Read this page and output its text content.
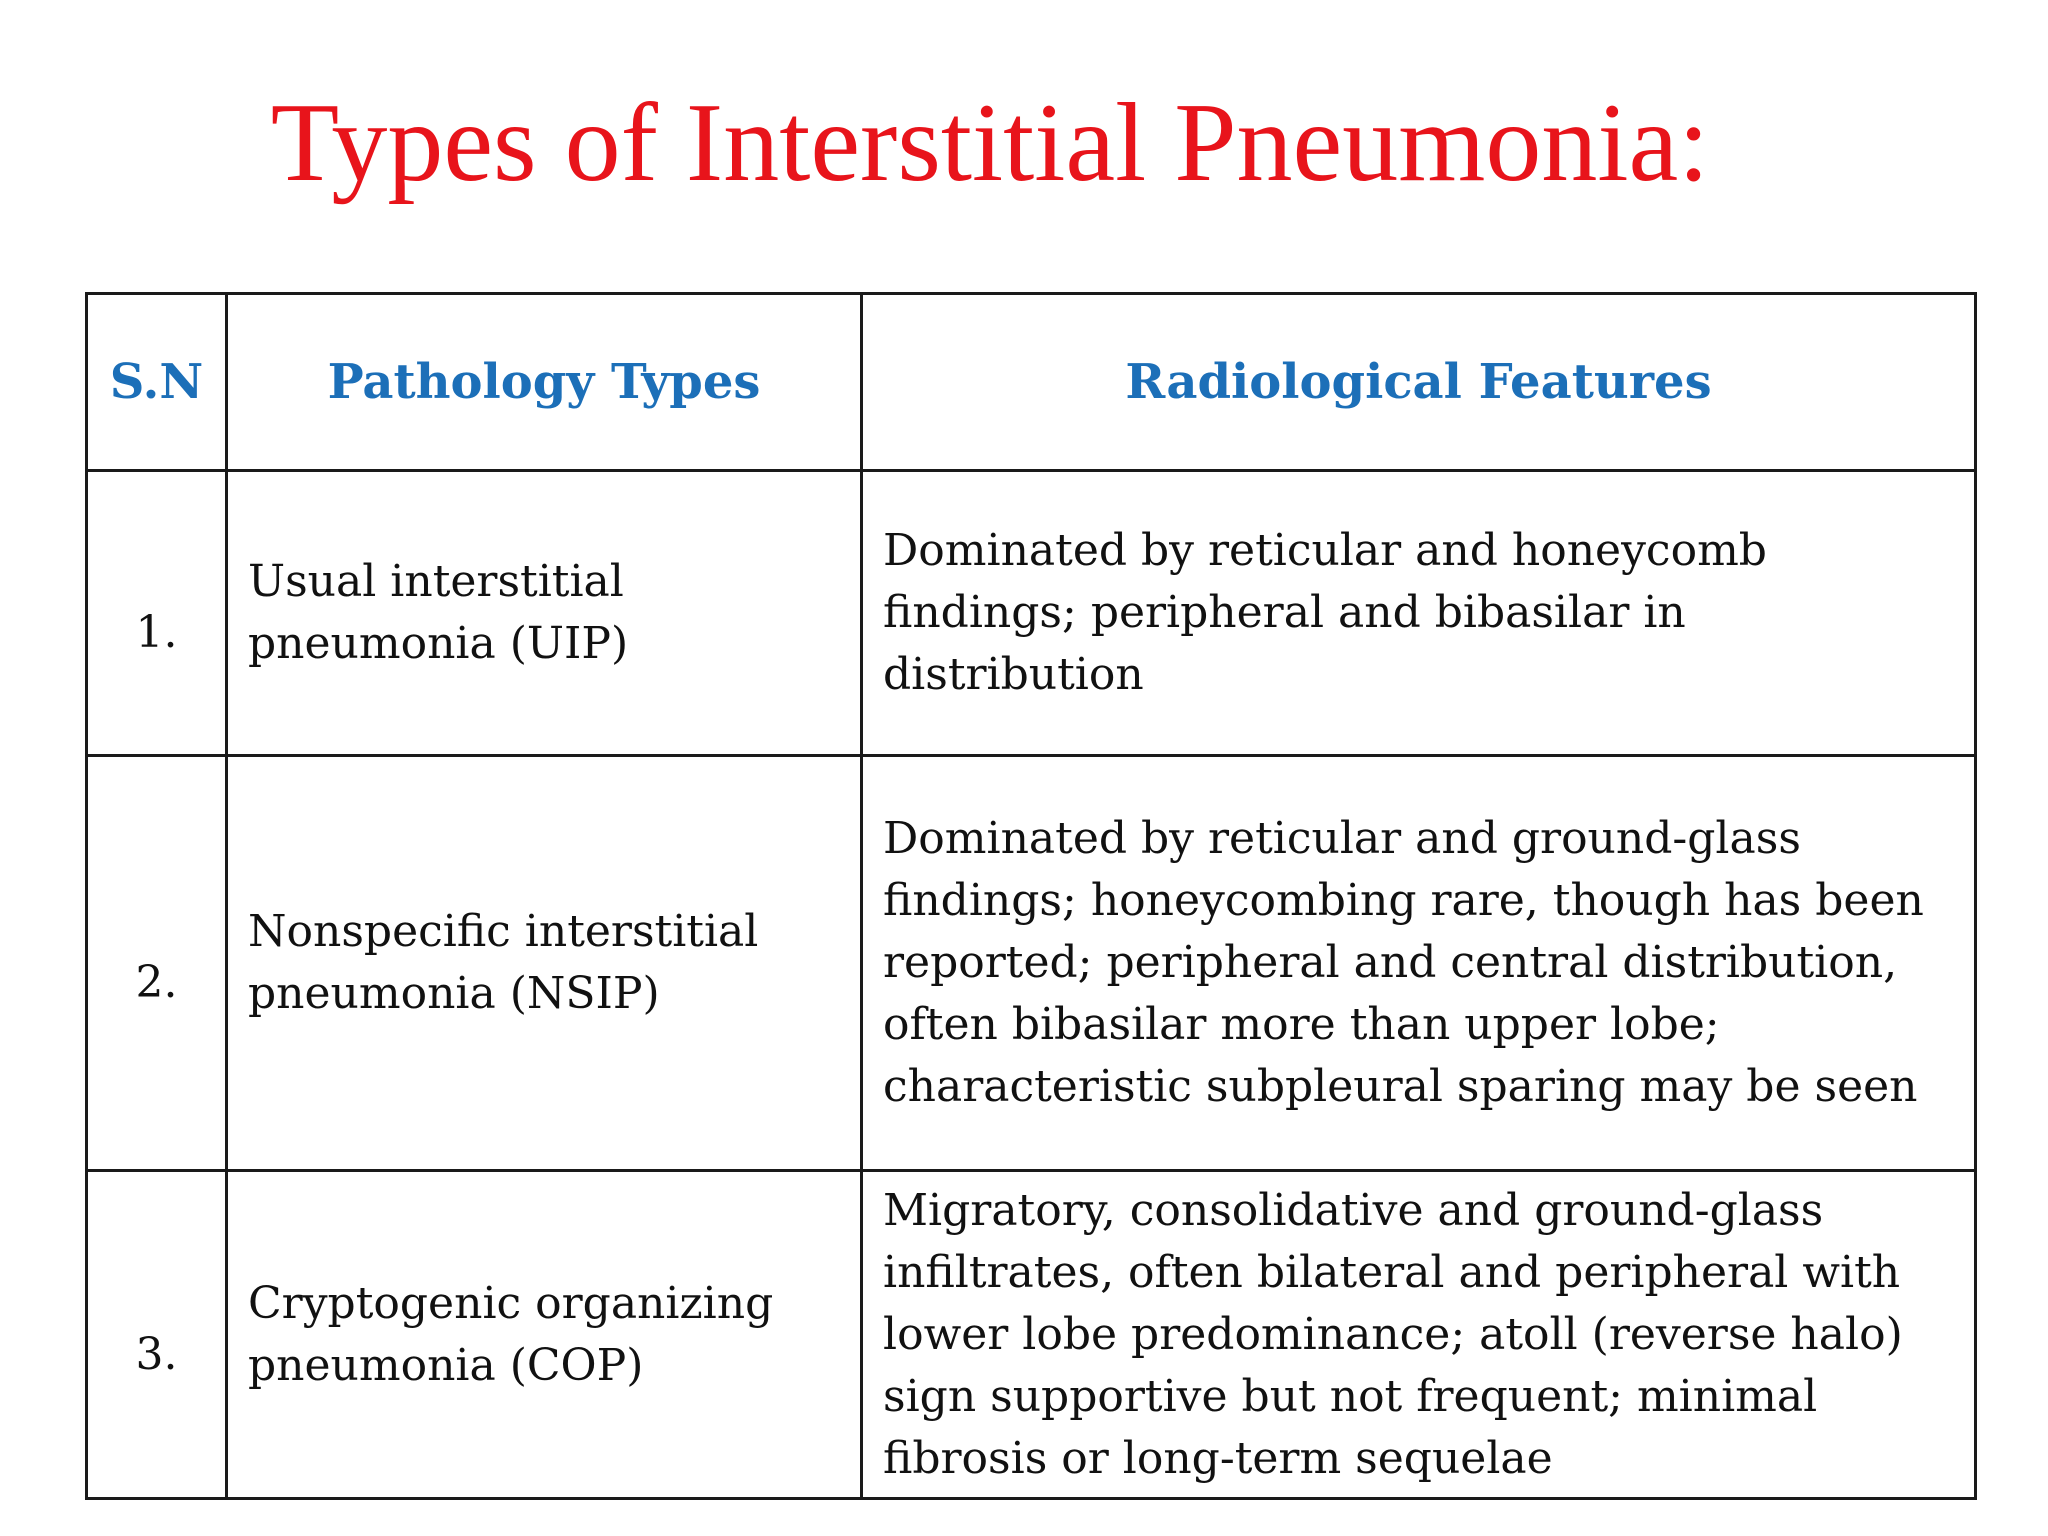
Types of Interstitial Pneumonia:
S.N	Pathology Types	Radiological Features
1.	Usual interstitial pneumonia (UIP)	Dominated by reticular and honeycomb findings; peripheral and bibasilar in distribution
2.	Nonspecific interstitial pneumonia (NSIP)	Dominated by reticular and ground-glass findings; honeycombing rare, though has been reported; peripheral and central distribution, often bibasilar more than upper lobe; characteristic subpleural sparing may be seen
3.	Cryptogenic organizing pneumonia (COP)	Migratory, consolidative and ground-glass infiltrates, often bilateral and peripheral with lower lobe predominance; atoll (reverse halo) sign supportive but not frequent; minimal fibrosis or long-term sequelae
